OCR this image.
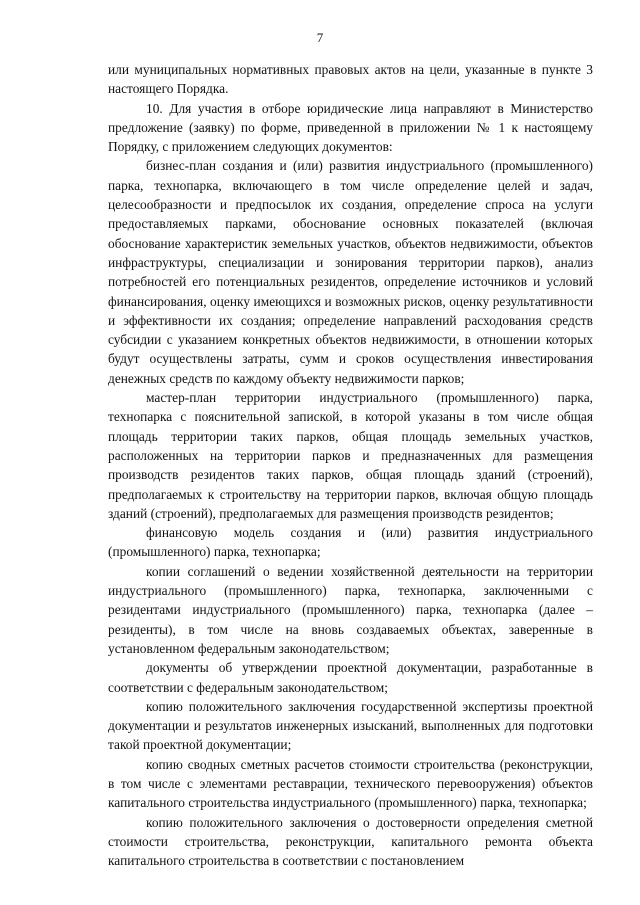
7

или муниципальных нормативных правовых актов на цели, указанные в пункте 3 настоящего Порядка.

10. Для участия в отборе юридические лица направляют в Министерство предложение (заявку) по форме, приведенной в приложении № 1 к настоящему Порядку, с приложением следующих документов:

бизнес-план создания и (или) развития индустриального (промышленного) парка, технопарка, включающего в том числе определение целей и задач, целесообразности и предпосылок их создания, определение спроса на услуги предоставляемых парками, обоснование основных показателей (включая обоснование характеристик земельных участков, объектов недвижимости, объектов инфраструктуры, специализации и зонирования территории парков), анализ потребностей его потенциальных резидентов, определение источников и условий финансирования, оценку имеющихся и возможных рисков, оценку результативности и эффективности их создания; определение направлений расходования средств субсидии с указанием конкретных объектов недвижимости, в отношении которых будут осуществлены затраты, сумм и сроков осуществления инвестирования денежных средств по каждому объекту недвижимости парков;

мастер-план территории индустриального (промышленного) парка, технопарка с пояснительной запиской, в которой указаны в том числе общая площадь территории таких парков, общая площадь земельных участков, расположенных на территории парков и предназначенных для размещения производств резидентов таких парков, общая площадь зданий (строений), предполагаемых к строительству на территории парков, включая общую площадь зданий (строений), предполагаемых для размещения производств резидентов;

финансовую модель создания и (или) развития индустриального (промышленного) парка, технопарка;

копии соглашений о ведении хозяйственной деятельности на территории индустриального (промышленного) парка, технопарка, заключенными с резидентами индустриального (промышленного) парка, технопарка (далее – резиденты), в том числе на вновь создаваемых объектах, заверенные в установленном федеральным законодательством;

документы об утверждении проектной документации, разработанные в соответствии с федеральным законодательством;

копию положительного заключения государственной экспертизы проектной документации и результатов инженерных изысканий, выполненных для подготовки такой проектной документации;

копию сводных сметных расчетов стоимости строительства (реконструкции, в том числе с элементами реставрации, технического перевооружения) объектов капитального строительства индустриального (промышленного) парка, технопарка;

копию положительного заключения о достоверности определения сметной стоимости строительства, реконструкции, капитального ремонта объекта капитального строительства в соответствии с постановлением
